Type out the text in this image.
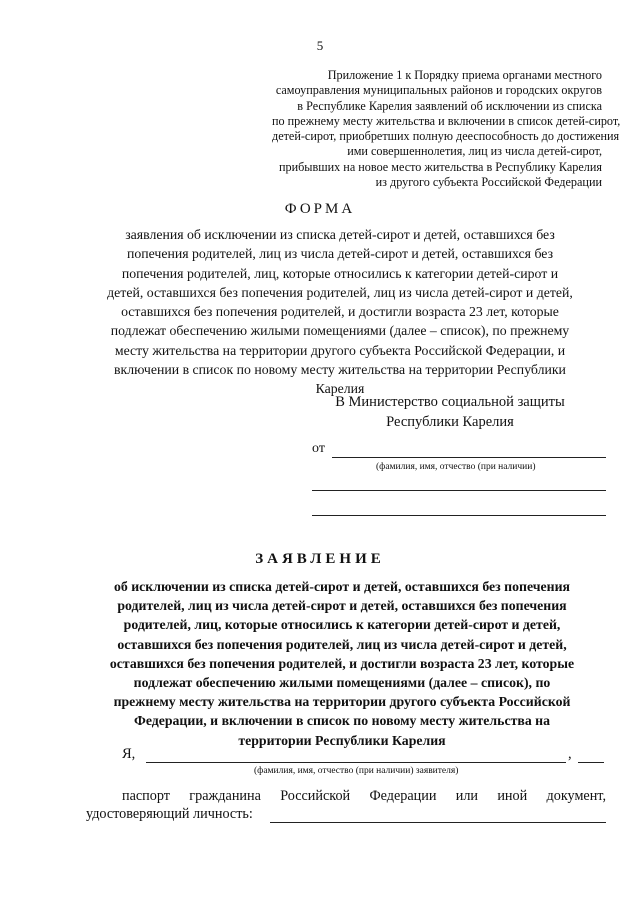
5
Приложение 1 к Порядку приема органами местного
самоуправления муниципальных районов и городских округов
в Республике Карелия заявлений об исключении из списка
по прежнему месту жительства и включении в список детей-сирот,
детей-сирот, приобретших полную дееспособность до достижения
ими совершеннолетия, лиц из числа детей-сирот,
прибывших на новое место жительства в Республику Карелия
из другого субъекта Российской Федерации
ФОРМА
заявления об исключении из списка детей-сирот и детей, оставшихся без
попечения родителей, лиц из числа детей-сирот и детей, оставшихся без
попечения родителей, лиц, которые относились к категории детей-сирот и
детей, оставшихся без попечения родителей, лиц из числа детей-сирот и детей,
оставшихся без попечения родителей, и достигли возраста 23 лет, которые
подлежат обеспечению жилыми помещениями (далее – список), по прежнему
месту жительства на территории другого субъекта Российской Федерации, и
включении в список по новому месту жительства на территории Республики
Карелия
В Министерство социальной защиты
Республики Карелия
от
(фамилия, имя, отчество (при наличии)
ЗАЯВЛЕНИЕ
об исключении из списка детей-сирот и детей, оставшихся без попечения
родителей, лиц из числа детей-сирот и детей, оставшихся без попечения
родителей, лиц, которые относились к категории детей-сирот и детей,
оставшихся без попечения родителей, лиц из числа детей-сирот и детей,
оставшихся без попечения родителей, и достигли возраста 23 лет, которые
подлежат обеспечению жилыми помещениями (далее – список), по
прежнему месту жительства на территории другого субъекта Российской
Федерации, и включении в список по новому месту жительства на
территории Республики Карелия
Я,	,
(фамилия, имя, отчество (при наличии) заявителя)
паспорт гражданина Российской Федерации или иной документ,
удостоверяющий личность:
